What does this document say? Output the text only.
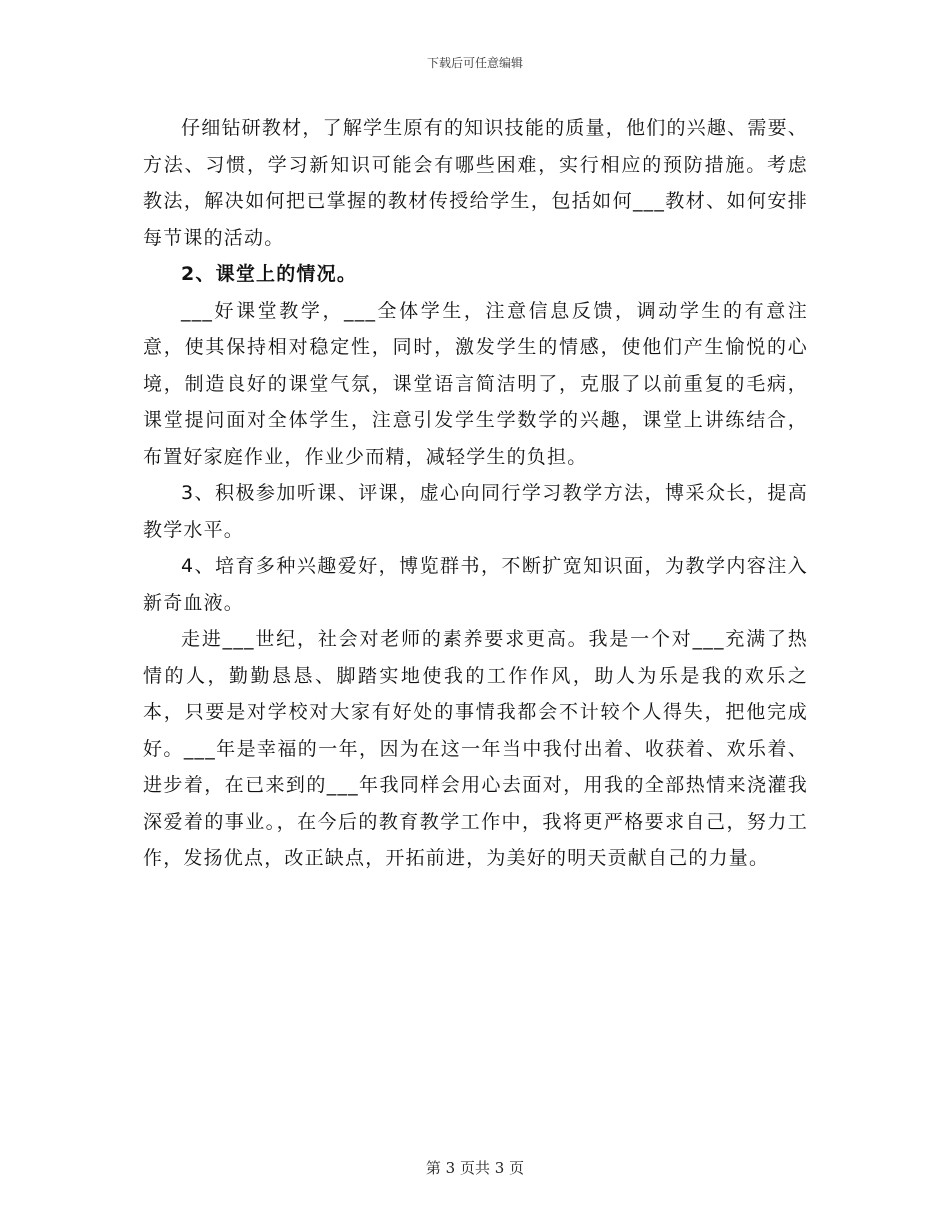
下载后可任意编辑

仔细钻研教材，了解学生原有的知识技能的质量，他们的兴趣、需要、方法、习惯，学习新知识可能会有哪些困难，实行相应的预防措施。考虑教法，解决如何把已掌握的教材传授给学生，包括如何___教材、如何安排每节课的活动。

2、课堂上的情况。

___好课堂教学，___全体学生，注意信息反馈，调动学生的有意注意，使其保持相对稳定性，同时，激发学生的情感，使他们产生愉悦的心境，制造良好的课堂气氛，课堂语言简洁明了，克服了以前重复的毛病，课堂提问面对全体学生，注意引发学生学数学的兴趣，课堂上讲练结合，布置好家庭作业，作业少而精，减轻学生的负担。

3、积极参加听课、评课，虚心向同行学习教学方法，博采众长，提高教学水平。

4、培育多种兴趣爱好，博览群书，不断扩宽知识面，为教学内容注入新奇血液。

走进___世纪，社会对老师的素养要求更高。我是一个对___充满了热情的人，勤勤恳恳、脚踏实地使我的工作作风，助人为乐是我的欢乐之本，只要是对学校对大家有好处的事情我都会不计较个人得失，把他完成好。___年是幸福的一年，因为在这一年当中我付出着、收获着、欢乐着、进步着，在已来到的___年我同样会用心去面对，用我的全部热情来浇灌我深爱着的事业。，在今后的教育教学工作中，我将更严格要求自己，努力工作，发扬优点，改正缺点，开拓前进，为美好的明天贡献自己的力量。

第 3 页共 3 页
